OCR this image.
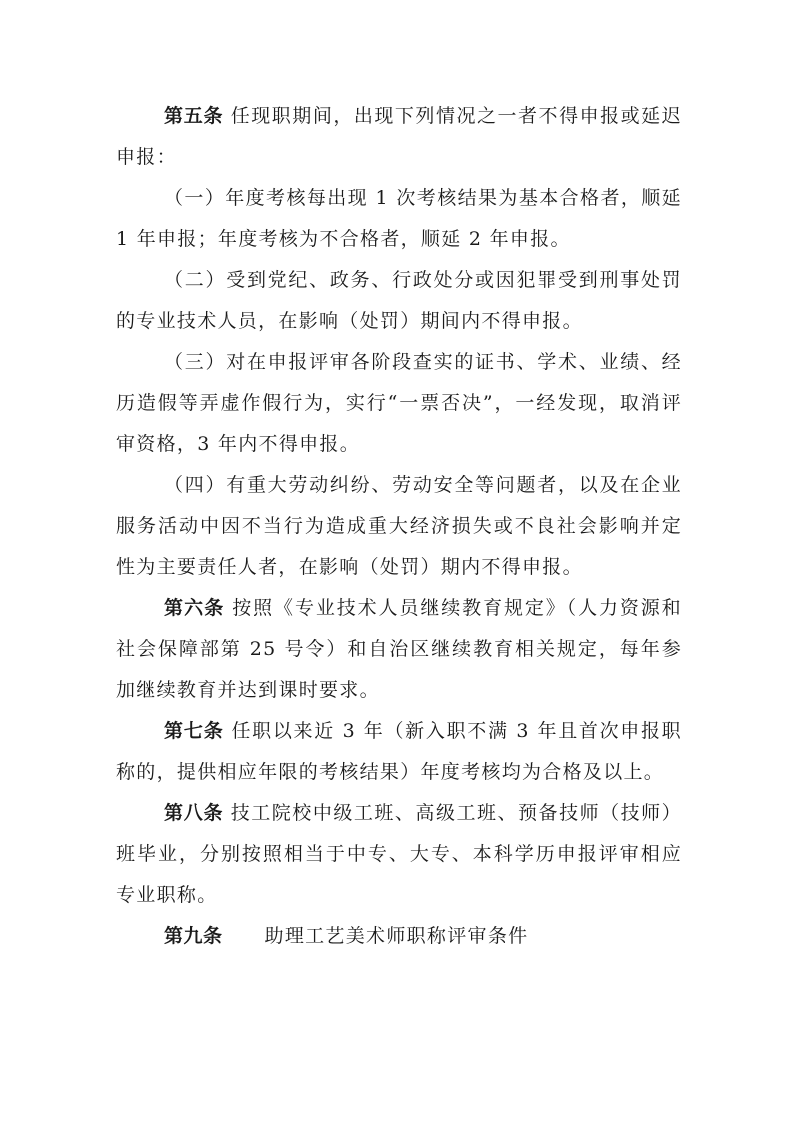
第五条 任现职期间，出现下列情况之一者不得申报或延迟申报：

（一）年度考核每出现 1 次考核结果为基本合格者，顺延 1 年申报；年度考核为不合格者，顺延 2 年申报。

（二）受到党纪、政务、行政处分或因犯罪受到刑事处罚的专业技术人员，在影响（处罚）期间内不得申报。

（三）对在申报评审各阶段查实的证书、学术、业绩、经历造假等弄虚作假行为，实行“一票否决”，一经发现，取消评审资格，3 年内不得申报。

（四）有重大劳动纠纷、劳动安全等问题者，以及在企业服务活动中因不当行为造成重大经济损失或不良社会影响并定性为主要责任人者，在影响（处罚）期内不得申报。

第六条 按照《专业技术人员继续教育规定》（人力资源和社会保障部第 25 号令）和自治区继续教育相关规定，每年参加继续教育并达到课时要求。

第七条 任职以来近 3 年（新入职不满 3 年且首次申报职称的，提供相应年限的考核结果）年度考核均为合格及以上。

第八条 技工院校中级工班、高级工班、预备技师（技师）班毕业，分别按照相当于中专、大专、本科学历申报评审相应专业职称。

第九条 助理工艺美术师职称评审条件
